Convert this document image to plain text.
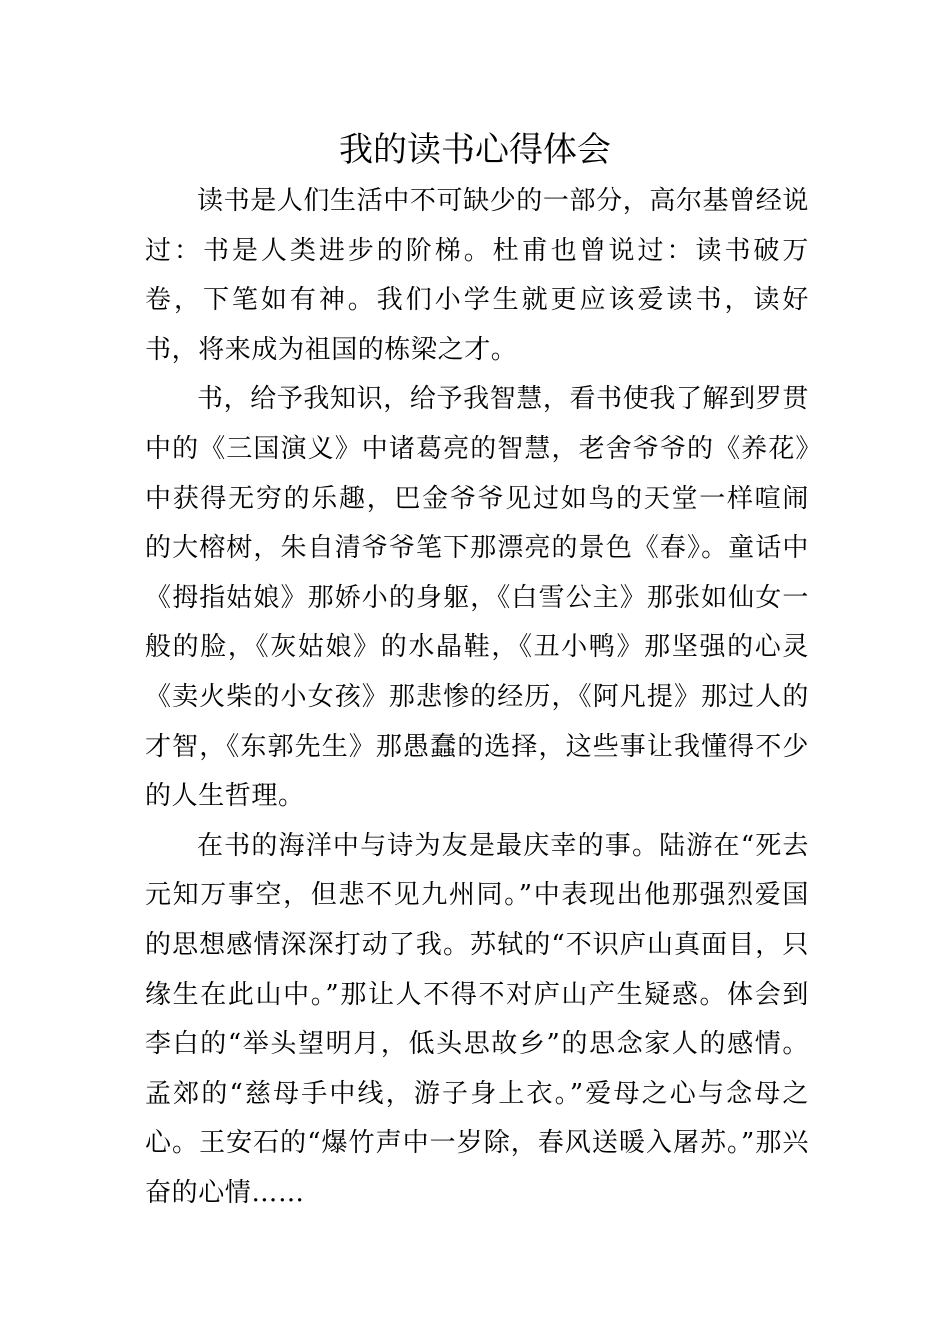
我的读书心得体会

读书是人们生活中不可缺少的一部分，高尔基曾经说过：书是人类进步的阶梯。杜甫也曾说过：读书破万卷，下笔如有神。我们小学生就更应该爱读书，读好书，将来成为祖国的栋梁之才。

书，给予我知识，给予我智慧，看书使我了解到罗贯中的《三国演义》中诸葛亮的智慧，老舍爷爷的《养花》中获得无穷的乐趣，巴金爷爷见过如鸟的天堂一样喧闹的大榕树，朱自清爷爷笔下那漂亮的景色《春》。童话中《拇指姑娘》那娇小的身躯，《白雪公主》那张如仙女一般的脸，《灰姑娘》的水晶鞋，《丑小鸭》那坚强的心灵《卖火柴的小女孩》那悲惨的经历，《阿凡提》那过人的才智，《东郭先生》那愚蠢的选择，这些事让我懂得不少的人生哲理。

在书的海洋中与诗为友是最庆幸的事。陆游在“死去元知万事空，但悲不见九州同。”中表现出他那强烈爱国的思想感情深深打动了我。苏轼的“不识庐山真面目，只缘生在此山中。”那让人不得不对庐山产生疑惑。体会到李白的“举头望明月，低头思故乡”的思念家人的感情。孟郊的“慈母手中线，游子身上衣。”爱母之心与念母之心。王安石的“爆竹声中一岁除，春风送暖入屠苏。”那兴奋的心情……
